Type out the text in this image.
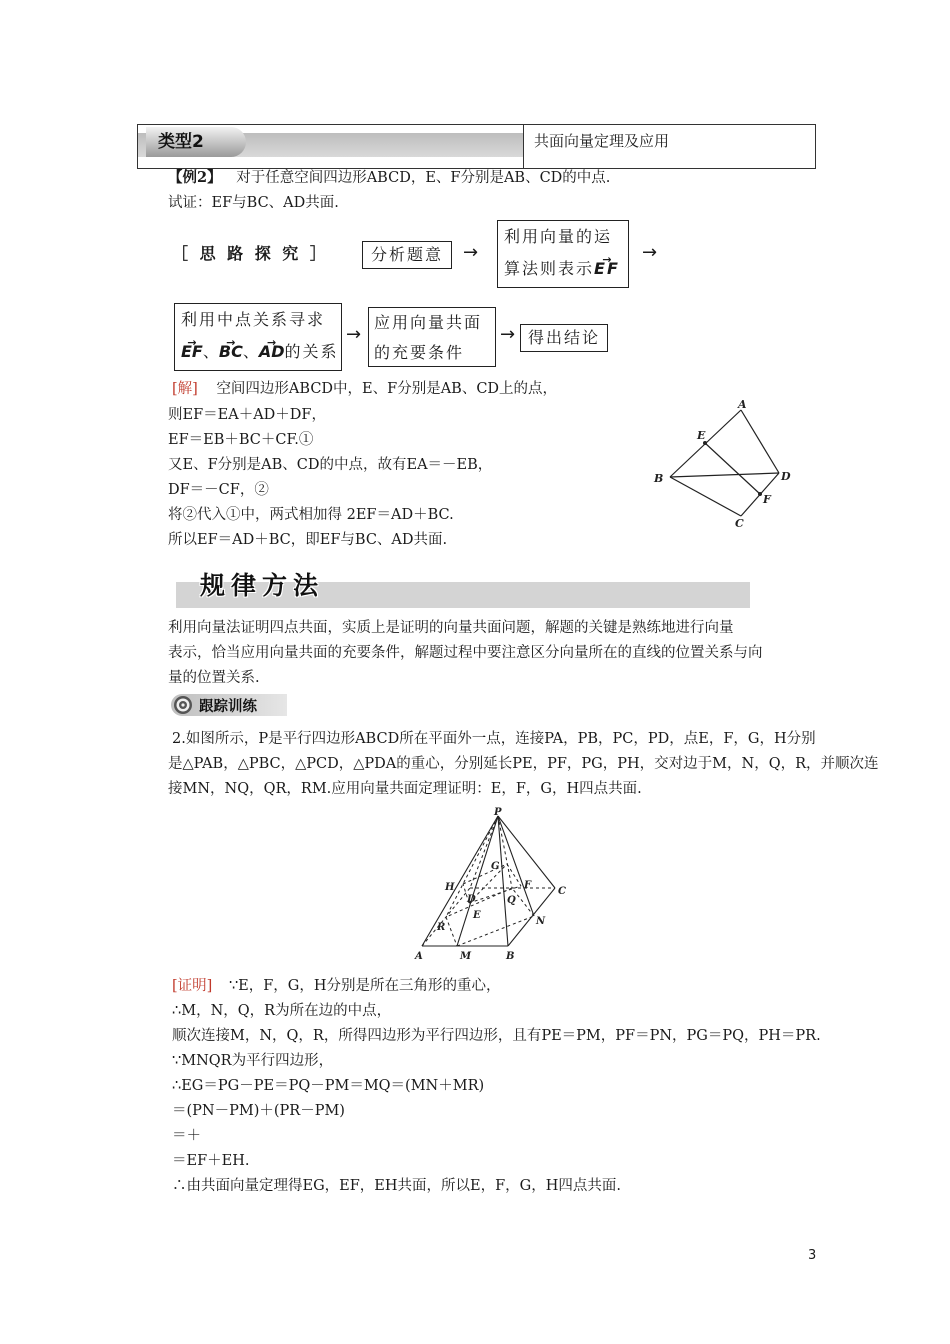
类型2	共面向量定理及应用
【例2】 对于任意空间四边形ABCD，E、F分别是AB、CD的中点.
试证：EF与BC、AD共面.
［ 思 路 探 究 ］	分析题意	→
利用向量的运
算法则表示→ EF
→
利用中点关系寻求
→ EF、→ BC、→ AD的关系
→
应用向量共面
的充要条件
→ 得出结论
[解] 空间四边形ABCD中，E、F分别是AB、CD上的点，
则EF＝EA＋AD＋DF，
EF＝EB＋BC＋CF.①
又E、F分别是AB、CD的中点，故有EA＝－EB，
DF＝－CF，②
将②代入①中，两式相加得 2EF＝AD＋BC.
所以EF＝AD＋BC，即EF与BC、AD共面.
A
B
C
D
E
F
规律方法
利用向量法证明四点共面，实质上是证明的向量共面问题，解题的关键是熟练地进行向量
表示，恰当应用向量共面的充要条件，解题过程中要注意区分向量所在的直线的位置关系与向
量的位置关系.
跟踪训练
2.如图所示，P是平行四边形ABCD所在平面外一点，连接PA，PB，PC，PD，点E，F，G，H分别
是△PAB，△PBC，△PCD，△PDA的重心，分别延长PE，PF，PG，PH，交对边于M，N，Q，R，并顺次连
接MN，NQ，QR，RM.应用向量共面定理证明：E，F，G，H四点共面.
P
A	B
C
D
E
F
G
H
M
N
Q
R
[证明] ∵E，F，G，H分别是所在三角形的重心，
∴M，N，Q，R为所在边的中点，
顺次连接M，N，Q，R，所得四边形为平行四边形，且有PE＝PM，PF＝PN，PG＝PQ，PH＝PR.
∵MNQR为平行四边形，
∴EG＝PG－PE＝PQ－PM＝MQ＝(MN＋MR)
＝(PN－PM)＋(PR－PM)
＝＋
＝EF＋EH.
∴由共面向量定理得EG，EF，EH共面，所以E，F，G，H四点共面.
3
